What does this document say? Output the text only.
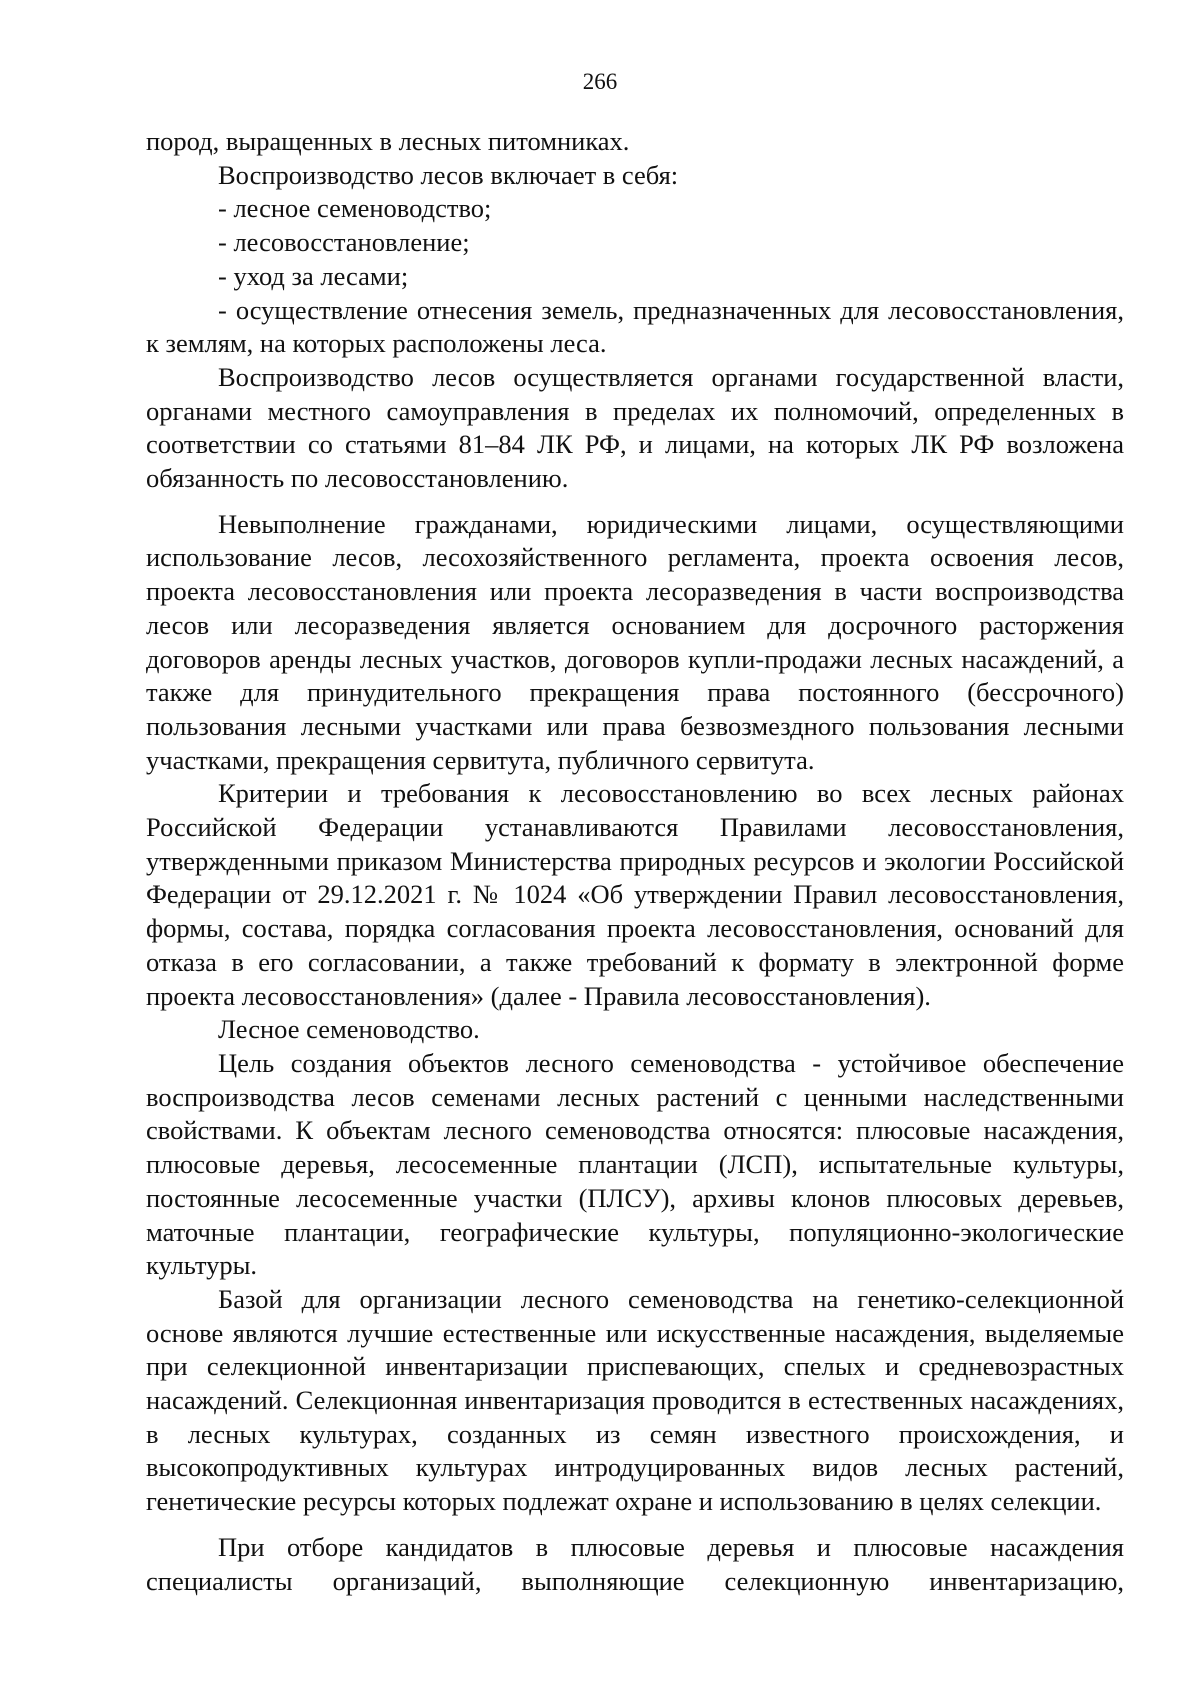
266

пород, выращенных в лесных питомниках.

Воспроизводство лесов включает в себя:

- лесное семеноводство;

- лесовосстановление;

- уход за лесами;

- осуществление отнесения земель, предназначенных для лесовосстановления, к землям, на которых расположены леса.

Воспроизводство лесов осуществляется органами государственной власти, органами местного самоуправления в пределах их полномочий, определенных в соответствии со статьями 81–84 ЛК РФ, и лицами, на которых ЛК РФ возложена обязанность по лесовосстановлению.

Невыполнение гражданами, юридическими лицами, осуществляющими использование лесов, лесохозяйственного регламента, проекта освоения лесов, проекта лесовосстановления или проекта лесоразведения в части воспроизводства лесов или лесоразведения является основанием для досрочного расторжения договоров аренды лесных участков, договоров купли-продажи лесных насаждений, а также для принудительного прекращения права постоянного (бессрочного) пользования лесными участками или права безвозмездного пользования лесными участками, прекращения сервитута, публичного сервитута.

Критерии и требования к лесовосстановлению во всех лесных районах Российской Федерации устанавливаются Правилами лесовосстановления, утвержденными приказом Министерства природных ресурсов и экологии Российской Федерации от 29.12.2021 г. № 1024 «Об утверждении Правил лесовосстановления, формы, состава, порядка согласования проекта лесовосстановления, оснований для отказа в его согласовании, а также требований к формату в электронной форме проекта лесовосстановления» (далее - Правила лесовосстановления).

Лесное семеноводство.

Цель создания объектов лесного семеноводства - устойчивое обеспечение воспроизводства лесов семенами лесных растений с ценными наследственными свойствами. К объектам лесного семеноводства относятся: плюсовые насаждения, плюсовые деревья, лесосеменные плантации (ЛСП), испытательные культуры, постоянные лесосеменные участки (ПЛСУ), архивы клонов плюсовых деревьев, маточные плантации, географические культуры, популяционно-экологические культуры.

Базой для организации лесного семеноводства на генетико-селекционной основе являются лучшие естественные или искусственные насаждения, выделяемые при селекционной инвентаризации приспевающих, спелых и средневозрастных насаждений. Селекционная инвентаризация проводится в естественных насаждениях, в лесных культурах, созданных из семян известного происхождения, и высокопродуктивных культурах интродуцированных видов лесных растений, генетические ресурсы которых подлежат охране и использованию в целях селекции.

При отборе кандидатов в плюсовые деревья и плюсовые насаждения специалисты организаций, выполняющие селекционную инвентаризацию,
